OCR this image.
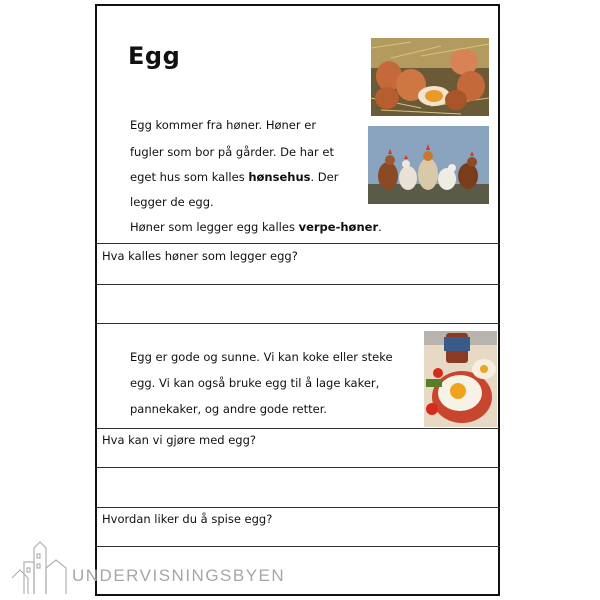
Egg
Egg kommer fra høner. Høner er
fugler som bor på gårder. De har et
eget hus som kalles hønsehus. Der
legger de egg.
Høner som legger egg kalles verpe-høner.
Hva kalles høner som legger egg?
Egg er gode og sunne. Vi kan koke eller steke
egg. Vi kan også bruke egg til å lage kaker,
pannekaker, og andre gode retter.
Hva kan vi gjøre med egg?
Hvordan liker du å spise egg?
UNDERVISNINGSBYEN
